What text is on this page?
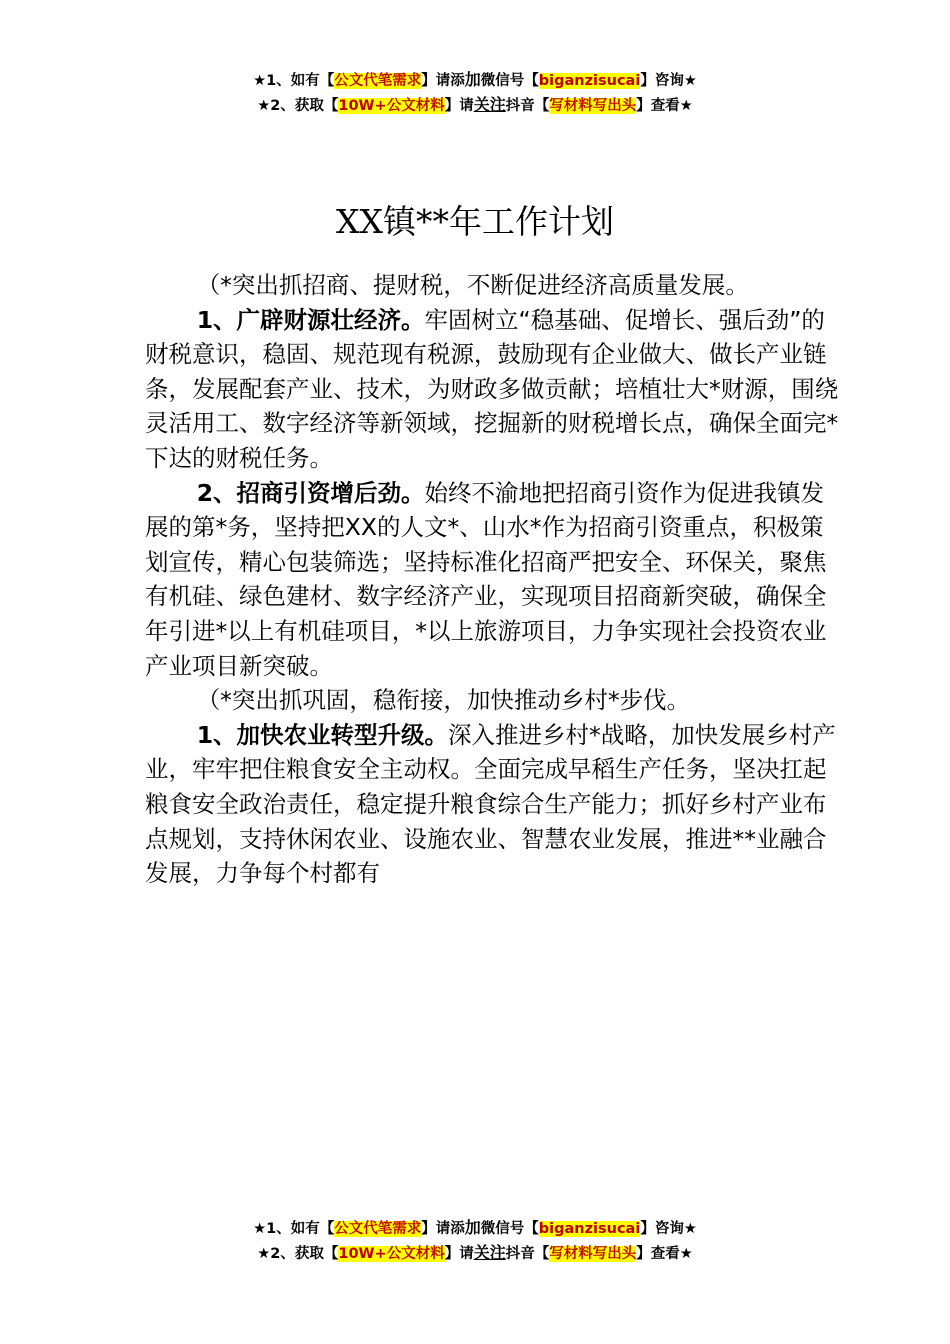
★1、如有【公文代笔需求】请添加微信号【biganzisucai】咨询★
★2、获取【10W+公文材料】请关注抖音【写材料写出头】查看★
XX镇**年工作计划

（*突出抓招商、提财税，不断促进经济高质量发展。

1、广辟财源壮经济。牢固树立“稳基础、促增长、强后劲”的财税意识，稳固、规范现有税源，鼓励现有企业做大、做长产业链条，发展配套产业、技术，为财政多做贡献；培植壮大*财源，围绕灵活用工、数字经济等新领域，挖掘新的财税增长点，确保全面完*下达的财税任务。

2、招商引资增后劲。始终不渝地把招商引资作为促进我镇发展的第*务，坚持把XX的人文*、山水*作为招商引资重点，积极策划宣传，精心包装筛选；坚持标准化招商严把安全、环保关，聚焦有机硅、绿色建材、数字经济产业，实现项目招商新突破，确保全年引进*以上有机硅项目，*以上旅游项目，力争实现社会投资农业产业项目新突破。

（*突出抓巩固，稳衔接，加快推动乡村*步伐。

1、加快农业转型升级。深入推进乡村*战略，加快发展乡村产业，牢牢把住粮食安全主动权。全面完成早稻生产任务，坚决扛起粮食安全政治责任，稳定提升粮食综合生产能力；抓好乡村产业布点规划，支持休闲农业、设施农业、智慧农业发展，推进**业融合发展，力争每个村都有

★1、如有【公文代笔需求】请添加微信号【biganzisucai】咨询★
★2、获取【10W+公文材料】请关注抖音【写材料写出头】查看★
